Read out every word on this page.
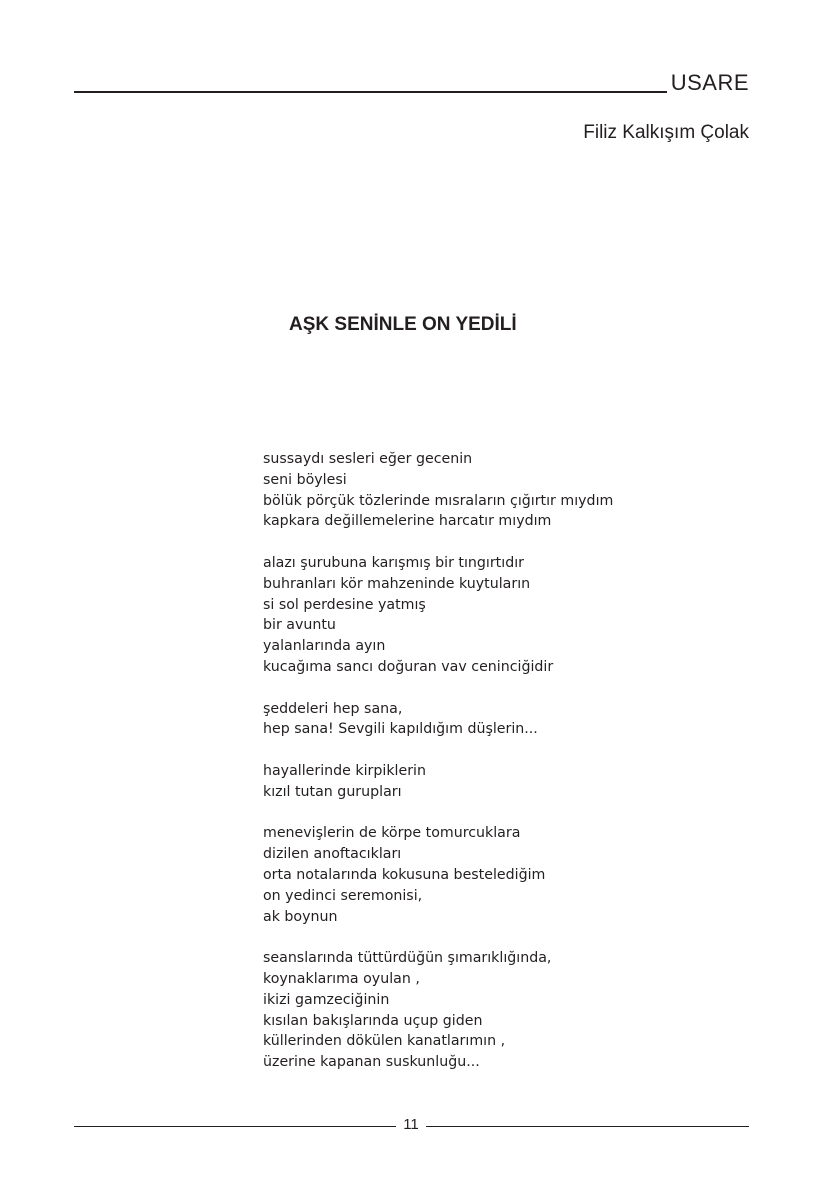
USARE
Filiz Kalkışım Çolak
AŞK SENİNLE ON YEDİLİ
sussaydı sesleri eğer gecenin
seni böylesi
bölük pörçük tözlerinde mısraların çığırtır mıydım
kapkara değillemelerine harcatır mıydım
alazı şurubuna karışmış bir tıngırtıdır
buhranları kör mahzeninde kuytuların
si sol perdesine yatmış
bir avuntu
yalanlarında ayın
kucağıma sancı doğuran vav ceninciğidir
şeddeleri hep sana,
hep sana! Sevgili kapıldığım düşlerin...
hayallerinde kirpiklerin
kızıl tutan gurupları
menevişlerin de körpe tomurcuklara
dizilen anoftacıkları
orta notalarında kokusuna bestelediğim
on yedinci seremonisi,
ak boynun
seanslarında tüttürdüğün şımarıklığında,
koynaklarıma oyulan ,
ikizi gamzeciğinin
kısılan bakışlarında uçup giden
küllerinden dökülen kanatlarımın ,
üzerine kapanan suskunluğu...
11
